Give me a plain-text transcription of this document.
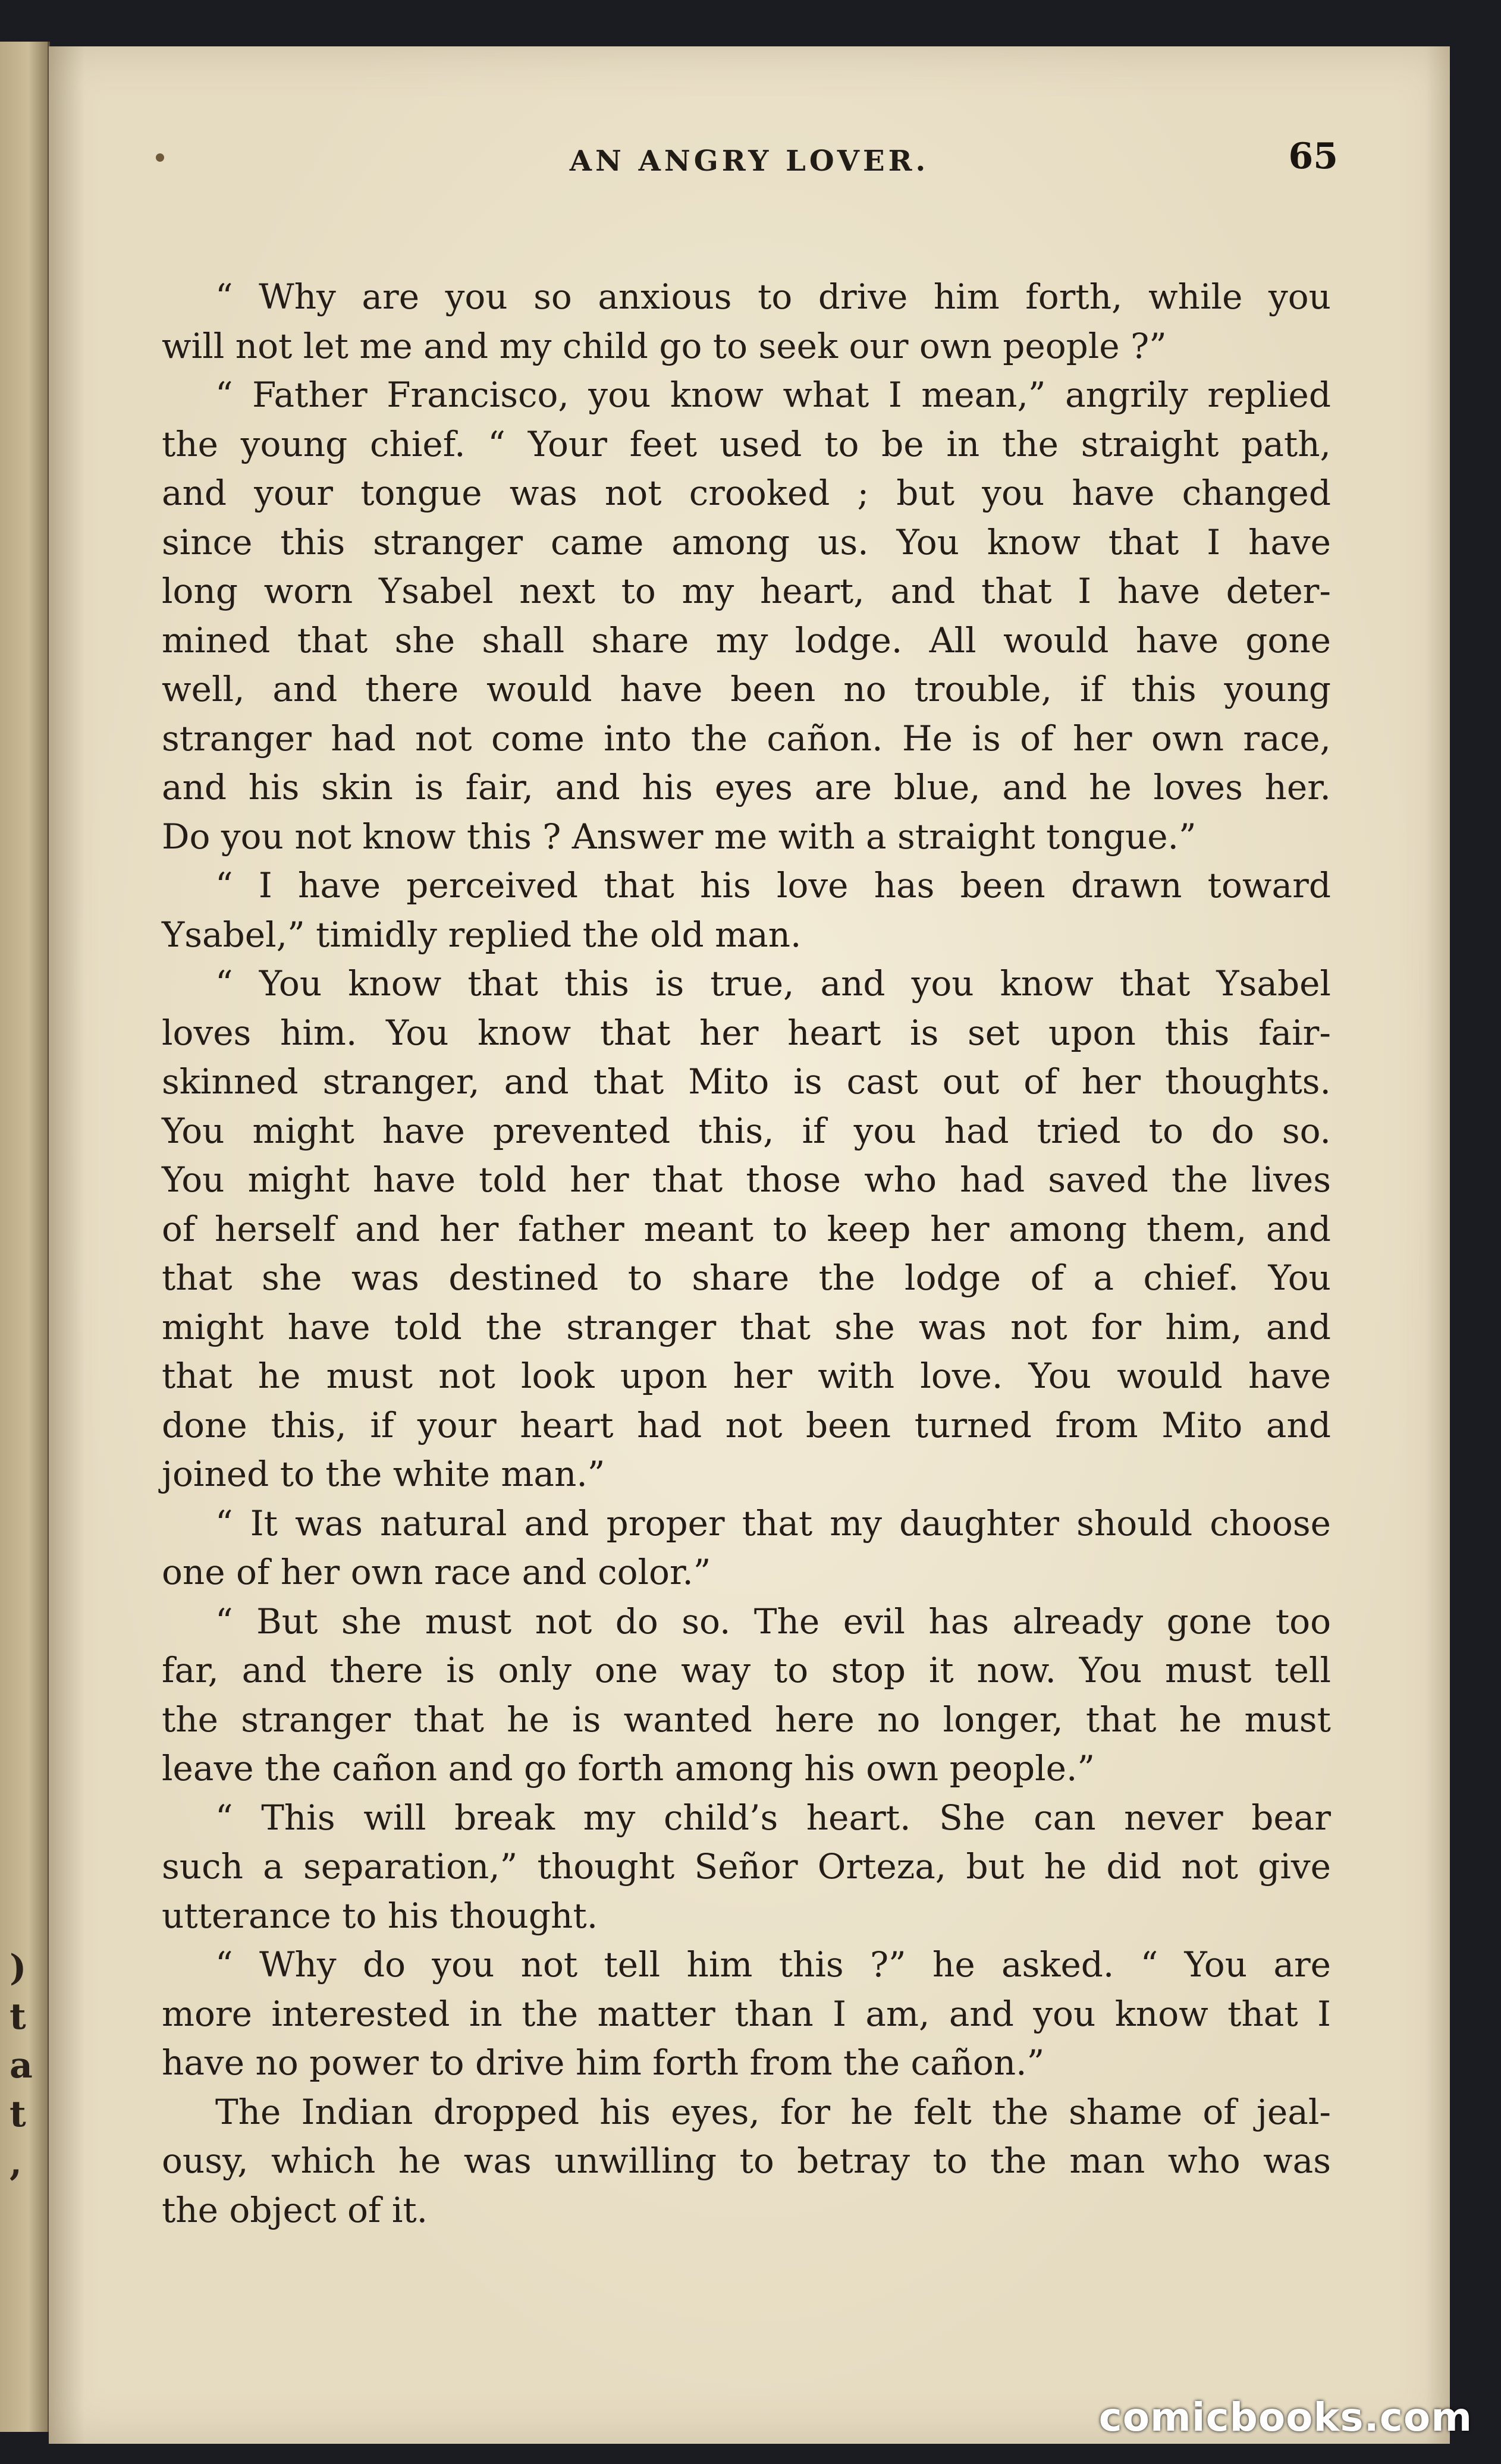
)
t
a
t
,
AN ANGRY LOVER.	65
“ Why are you so anxious to drive him forth, while you
will not let me and my child go to seek our own people ?”
“ Father Francisco, you know what I mean,” angrily replied
the young chief. “ Your feet used to be in the straight path,
and your tongue was not crooked ; but you have changed
since this stranger came among us. You know that I have
long worn Ysabel next to my heart, and that I have deter-
mined that she shall share my lodge. All would have gone
well, and there would have been no trouble, if this young
stranger had not come into the cañon. He is of her own race,
and his skin is fair, and his eyes are blue, and he loves her.
Do you not know this ? Answer me with a straight tongue.”
“ I have perceived that his love has been drawn toward
Ysabel,” timidly replied the old man.
“ You know that this is true, and you know that Ysabel
loves him. You know that her heart is set upon this fair-
skinned stranger, and that Mito is cast out of her thoughts.
You might have prevented this, if you had tried to do so.
You might have told her that those who had saved the lives
of herself and her father meant to keep her among them, and
that she was destined to share the lodge of a chief. You
might have told the stranger that she was not for him, and
that he must not look upon her with love. You would have
done this, if your heart had not been turned from Mito and
joined to the white man.”
“ It was natural and proper that my daughter should choose
one of her own race and color.”
“ But she must not do so. The evil has already gone too
far, and there is only one way to stop it now. You must tell
the stranger that he is wanted here no longer, that he must
leave the cañon and go forth among his own people.”
“ This will break my child’s heart. She can never bear
such a separation,” thought Señor Orteza, but he did not give
utterance to his thought.
“ Why do you not tell him this ?” he asked. “ You are
more interested in the matter than I am, and you know that I
have no power to drive him forth from the cañon.”
The Indian dropped his eyes, for he felt the shame of jeal-
ousy, which he was unwilling to betray to the man who was
the object of it.
comicbooks.com
